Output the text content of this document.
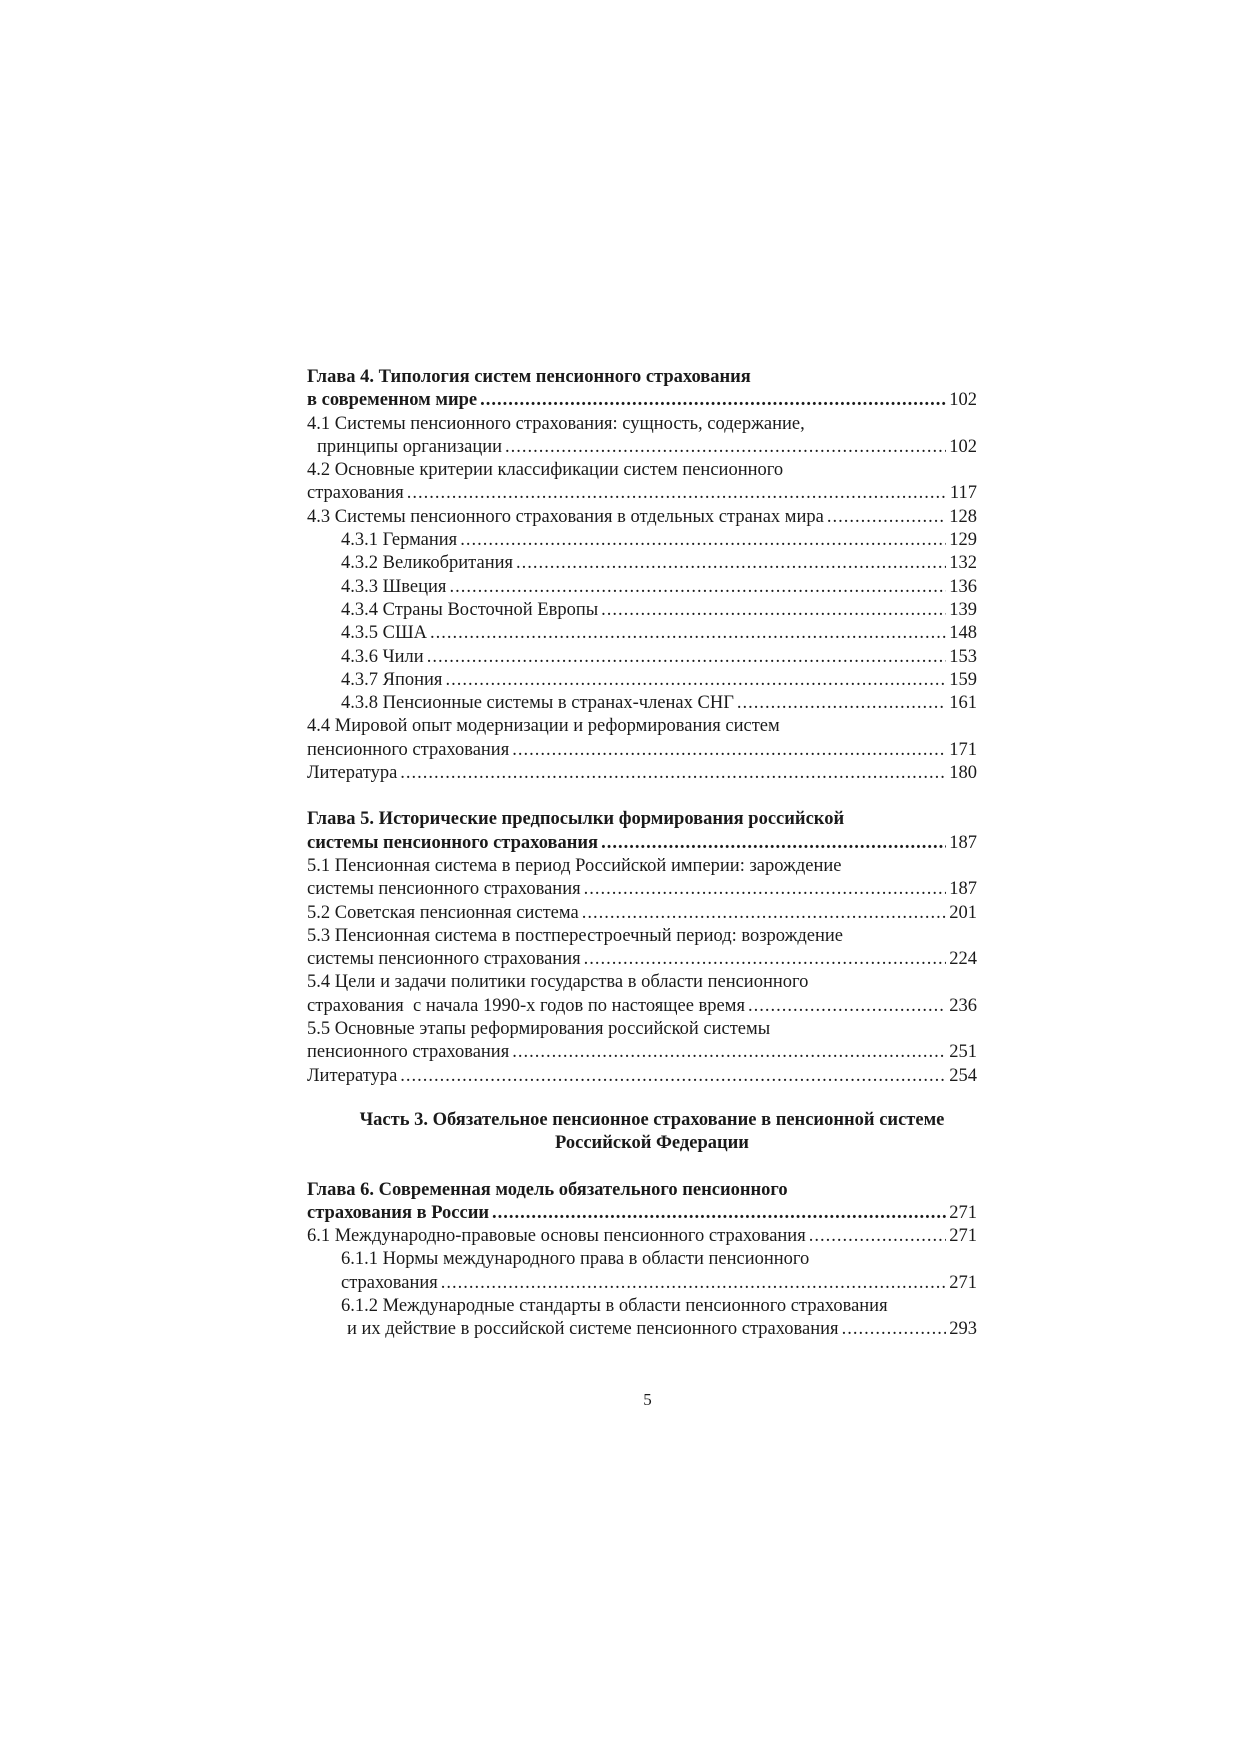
Глава 4. Типология систем пенсионного страхования
в современном мире .....	102
4.1 Системы пенсионного страхования: сущность, содержание,
принципы организации .....	102
4.2 Основные критерии классификации систем пенсионного
страхования .....	117
4.3 Системы пенсионного страхования в отдельных странах мира .....	128
4.3.1 Германия .....	129
4.3.2 Великобритания .....	132
4.3.3 Швеция .....	136
4.3.4 Страны Восточной Европы .....	139
4.3.5 США .....	148
4.3.6 Чили .....	153
4.3.7 Япония .....	159
4.3.8 Пенсионные системы в странах-членах СНГ .....	161
4.4 Мировой опыт модернизации и реформирования систем
пенсионного страхования .....	171
Литература .....	180
Глава 5. Исторические предпосылки формирования российской
системы пенсионного страхования .....	187
5.1 Пенсионная система в период Российской империи: зарождение
системы пенсионного страхования .....	187
5.2 Советская пенсионная система .....	201
5.3 Пенсионная система в постперестроечный период: возрождение
системы пенсионного страхования .....	224
5.4 Цели и задачи политики государства в области пенсионного
страхования  с начала 1990-х годов по настоящее время .....	236
5.5 Основные этапы реформирования российской системы
пенсионного страхования .....	251
Литература .....	254
Часть 3. Обязательное пенсионное страхование в пенсионной системе
Российской Федерации
Глава 6. Современная модель обязательного пенсионного
страхования в России .....	271
6.1 Международно-правовые основы пенсионного страхования .....	271
6.1.1 Нормы международного права в области пенсионного
страхования .....	271
6.1.2 Международные стандарты в области пенсионного страхования
и их действие в российской системе пенсионного страхования .....	293
5
